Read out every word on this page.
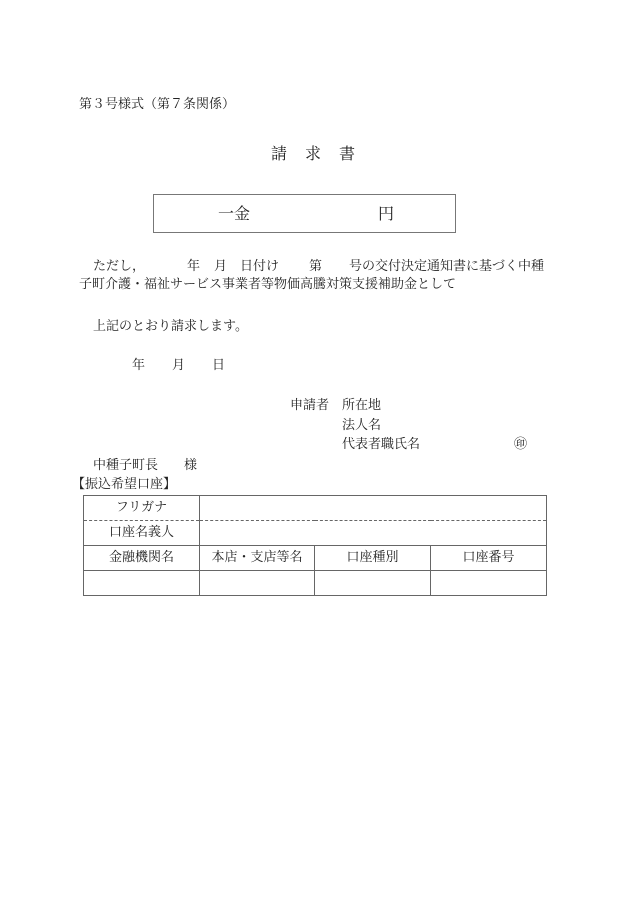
第３号様式（第７条関係）
請 求 書
一金	円
ただし，	年 月 日付け 第 号の交付決定通知書に基づく中種
子町介護・福祉サービス事業者等物価高騰対策支援補助金として
上記のとおり請求します。
年 月 日
申請者 所在地
法人名
代表者職氏名	㊞
中種子町長 様
【振込希望口座】
フリガナ			
口座名義人			
金融機関名	本店・支店等名	口座種別	口座番号
